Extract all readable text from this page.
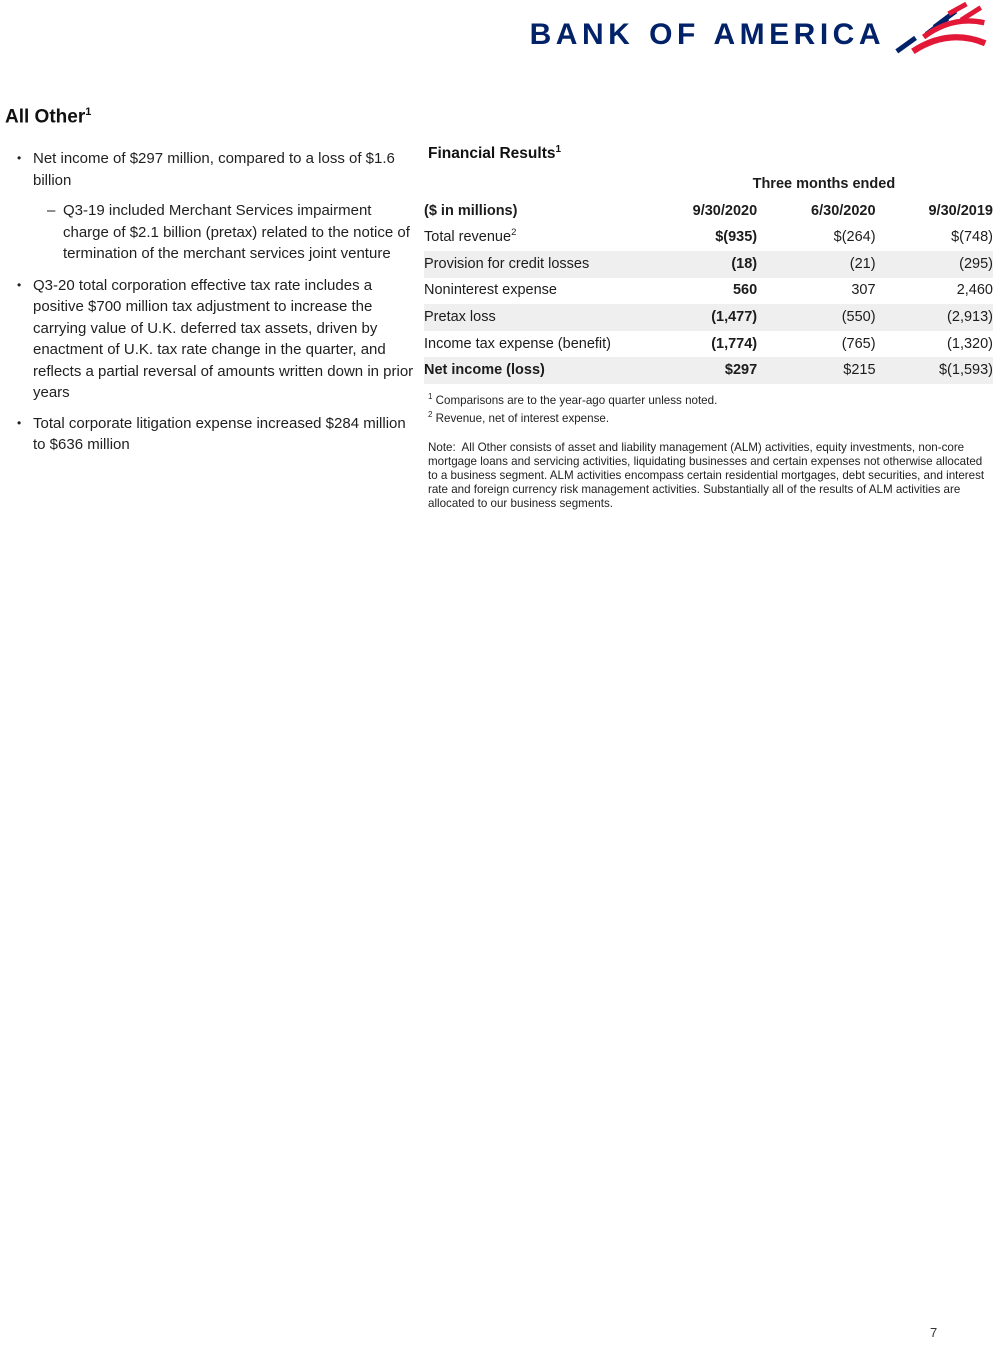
BANK OF AMERICA
All Other$^1$
• Net income of $297 million, compared to a loss of $1.6 billion
– Q3-19 included Merchant Services impairment charge of $2.1 billion (pretax) related to the notice of termination of the merchant services joint venture
• Q3-20 total corporation effective tax rate includes a positive $700 million tax adjustment to increase the carrying value of U.K. deferred tax assets, driven by enactment of U.K. tax rate change in the quarter, and reflects a partial reversal of amounts written down in prior years
• Total corporate litigation expense increased $284 million to $636 million
Financial Results$^1$
	Three months ended		
($ in millions)	9/30/2020	6/30/2020	9/30/2019
Total revenue$^2$	$(935)	$(264)	$(748)
Provision for credit losses	(18)	(21)	(295)
Noninterest expense	560	307	2,460
Pretax loss	(1,477)	(550)	(2,913)
Income tax expense (benefit)	(1,774)	(765)	(1,320)
Net income (loss)	$297	$215	$(1,593)
$^1$ Comparisons are to the year-ago quarter unless noted.
$^2$ Revenue, net of interest expense.
Note:  All Other consists of asset and liability management (ALM) activities, equity investments, non-core mortgage loans and servicing activities, liquidating businesses and certain expenses not otherwise allocated to a business segment. ALM activities encompass certain residential mortgages, debt securities, and interest rate and foreign currency risk management activities. Substantially all of the results of ALM activities are allocated to our business segments.
7
